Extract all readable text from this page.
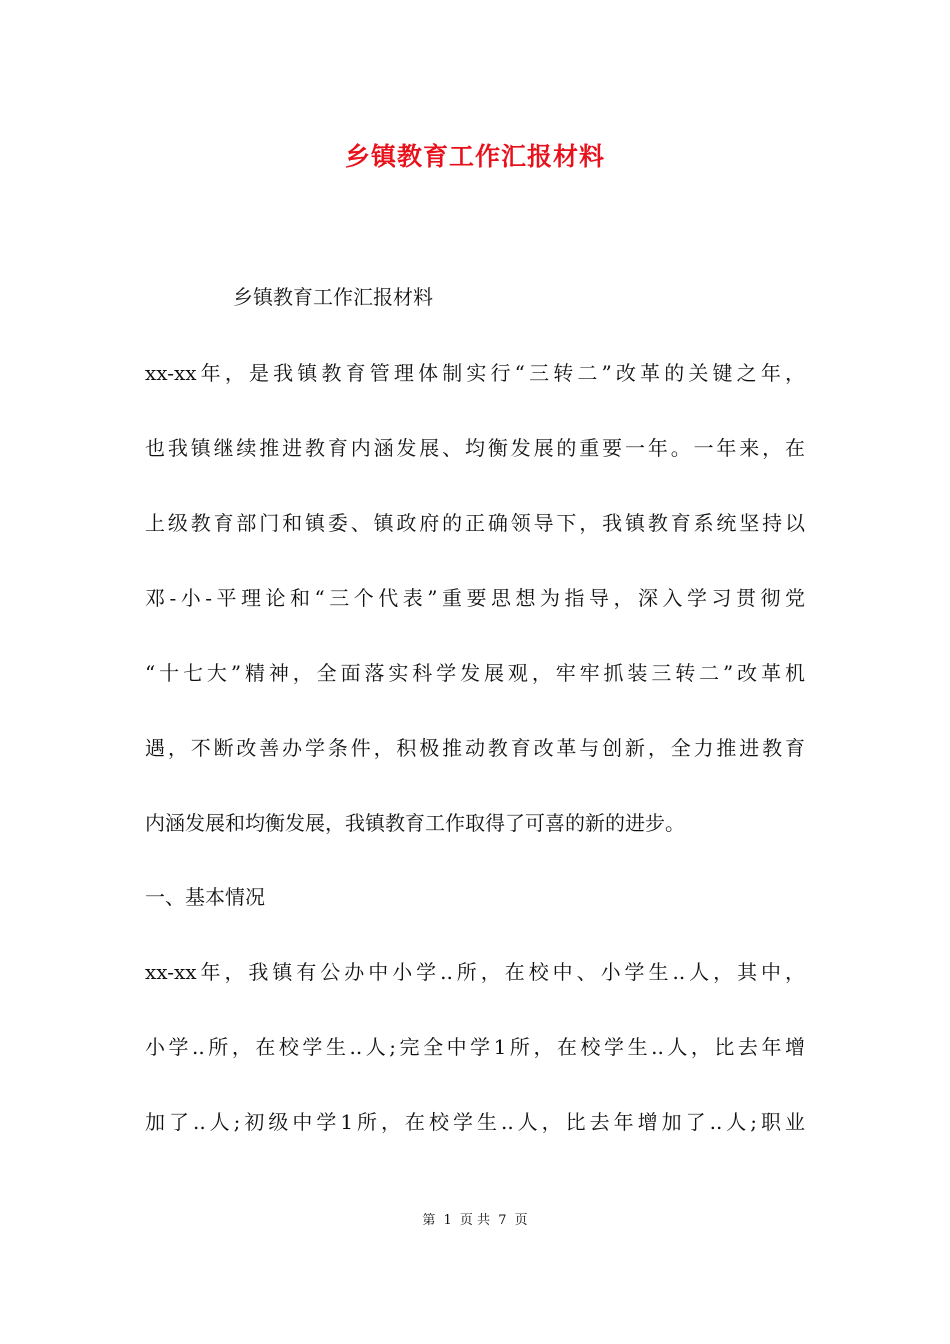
乡镇教育工作汇报材料

乡镇教育工作汇报材料

xx-xx年，是我镇教育管理体制实行“三转二”改革的关键之年，

也我镇继续推进教育内涵发展、均衡发展的重要一年。一年来，在

上级教育部门和镇委、镇政府的正确领导下，我镇教育系统坚持以

邓-小-平理论和“三个代表”重要思想为指导，深入学习贯彻党

“十七大”精神，全面落实科学发展观，牢牢抓装三转二”改革机

遇，不断改善办学条件，积极推动教育改革与创新，全力推进教育

内涵发展和均衡发展，我镇教育工作取得了可喜的新的进步。

一、基本情况

xx-xx年，我镇有公办中小学..所，在校中、小学生..人，其中，

小学..所，在校学生..人;完全中学1所，在校学生..人，比去年增

加了..人;初级中学1所，在校学生..人，比去年增加了..人;职业

第 1 页 共 7 页
